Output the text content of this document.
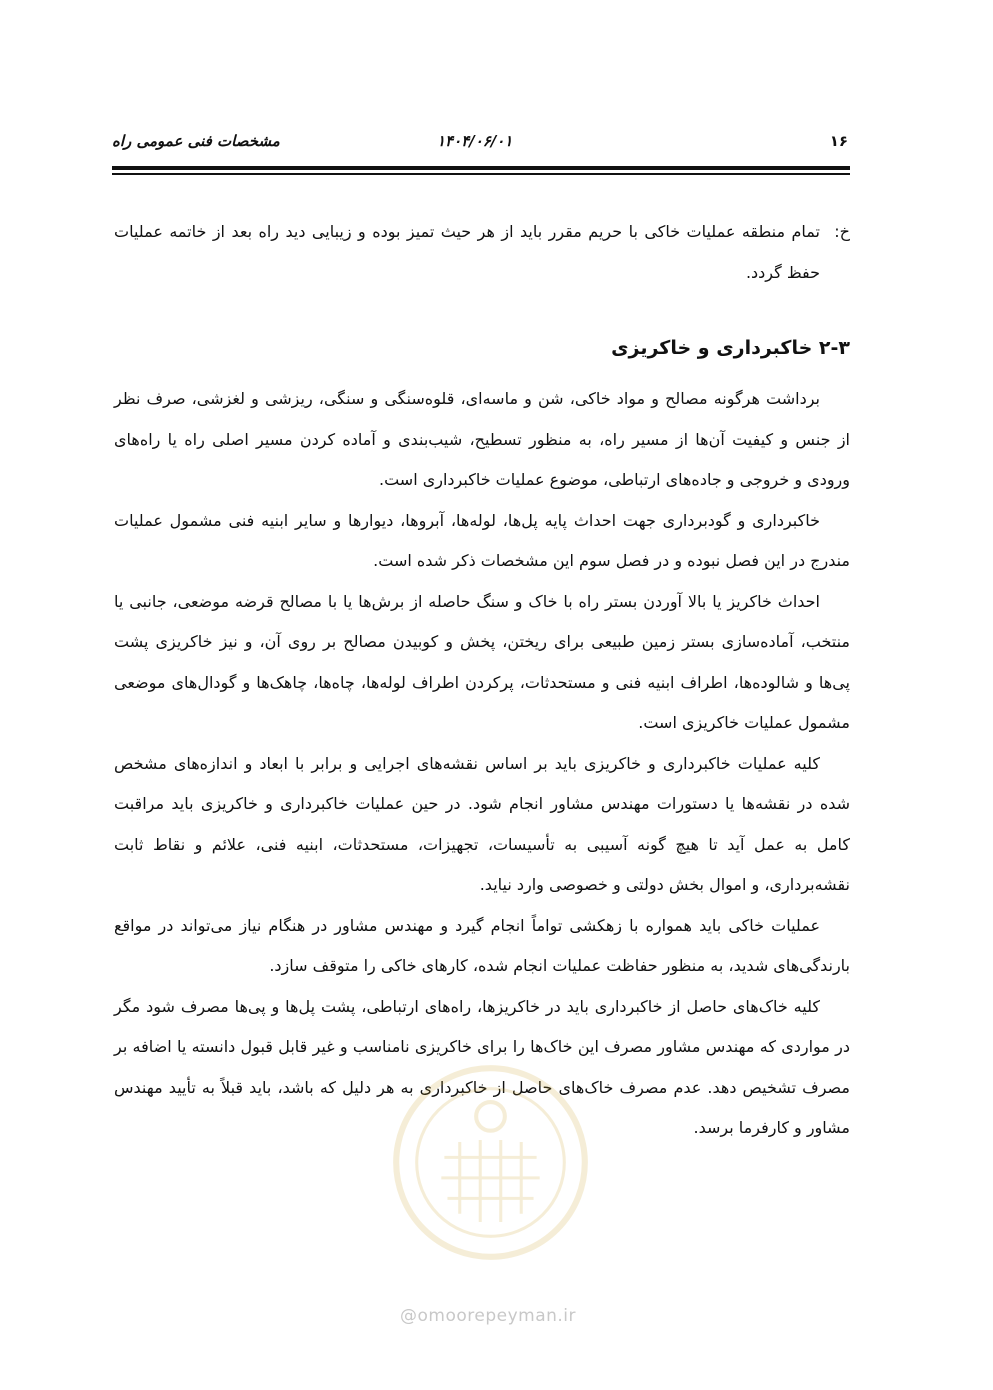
۱۶
۱۴۰۴/۰۶/۰۱
مشخصات فنی عمومی راه
خ:
تمام منطقه عملیات خاکی با حریم مقرر باید از هر حیث تمیز بوده و زیبایی دید راه بعد از خاتمه عملیات حفظ گردد.
۲-۳ خاکبرداری و خاکریزی

برداشت هرگونه مصالح و مواد خاکی، شن و ماسه‌ای، قلوه‌سنگی و سنگی، ریزشی و لغزشی، صرف نظر از جنس و کیفیت آن‌ها از مسیر راه، به منظور تسطیح، شیب‌بندی و آماده کردن مسیر اصلی راه یا راه‌های ورودی و خروجی و جاده‌های ارتباطی، موضوع عملیات خاکبرداری است.

خاکبرداری و گودبرداری جهت احداث پایه پل‌ها، لوله‌ها، آبروها، دیوارها و سایر ابنیه فنی مشمول عملیات مندرج در این فصل نبوده و در فصل سوم این مشخصات ذکر شده است.

احداث خاکریز یا بالا آوردن بستر راه با خاک و سنگ حاصله از برش‌ها یا با مصالح قرضه موضعی، جانبی یا منتخب، آماده‌سازی بستر زمین طبیعی برای ریختن، پخش و کوبیدن مصالح بر روی آن، و نیز خاکریزی پشت پی‌ها و شالوده‌ها، اطراف ابنیه فنی و مستحدثات، پرکردن اطراف لوله‌ها، چاه‌ها، چاهک‌ها و گودال‌های موضعی مشمول عملیات خاکریزی است.

کلیه عملیات خاکبرداری و خاکریزی باید بر اساس نقشه‌های اجرایی و برابر با ابعاد و اندازه‌های مشخص شده در نقشه‌ها یا دستورات مهندس مشاور انجام شود. در حین عملیات خاکبرداری و خاکریزی باید مراقبت کامل به عمل آید تا هیچ گونه آسیبی به تأسیسات، تجهیزات، مستحدثات، ابنیه فنی، علائم و نقاط ثابت نقشه‌برداری، و اموال بخش دولتی و خصوصی وارد نیاید.

عملیات خاکی باید همواره با زهکشی تواماً انجام گیرد و مهندس مشاور در هنگام نیاز می‌تواند در مواقع بارندگی‌های شدید، به منظور حفاظت عملیات انجام شده، کارهای خاکی را متوقف سازد.

کلیه خاک‌های حاصل از خاکبرداری باید در خاکریزها، راه‌های ارتباطی، پشت پل‌ها و پی‌ها مصرف شود مگر در مواردی که مهندس مشاور مصرف این خاک‌ها را برای خاکریزی نامناسب و غیر قابل قبول دانسته یا اضافه بر مصرف تشخیص دهد. عدم مصرف خاک‌های حاصل از خاکبرداری به هر دلیل که باشد، باید قبلاً به تأیید مهندس مشاور و کارفرما برسد.

@omoorepeyman.ir
